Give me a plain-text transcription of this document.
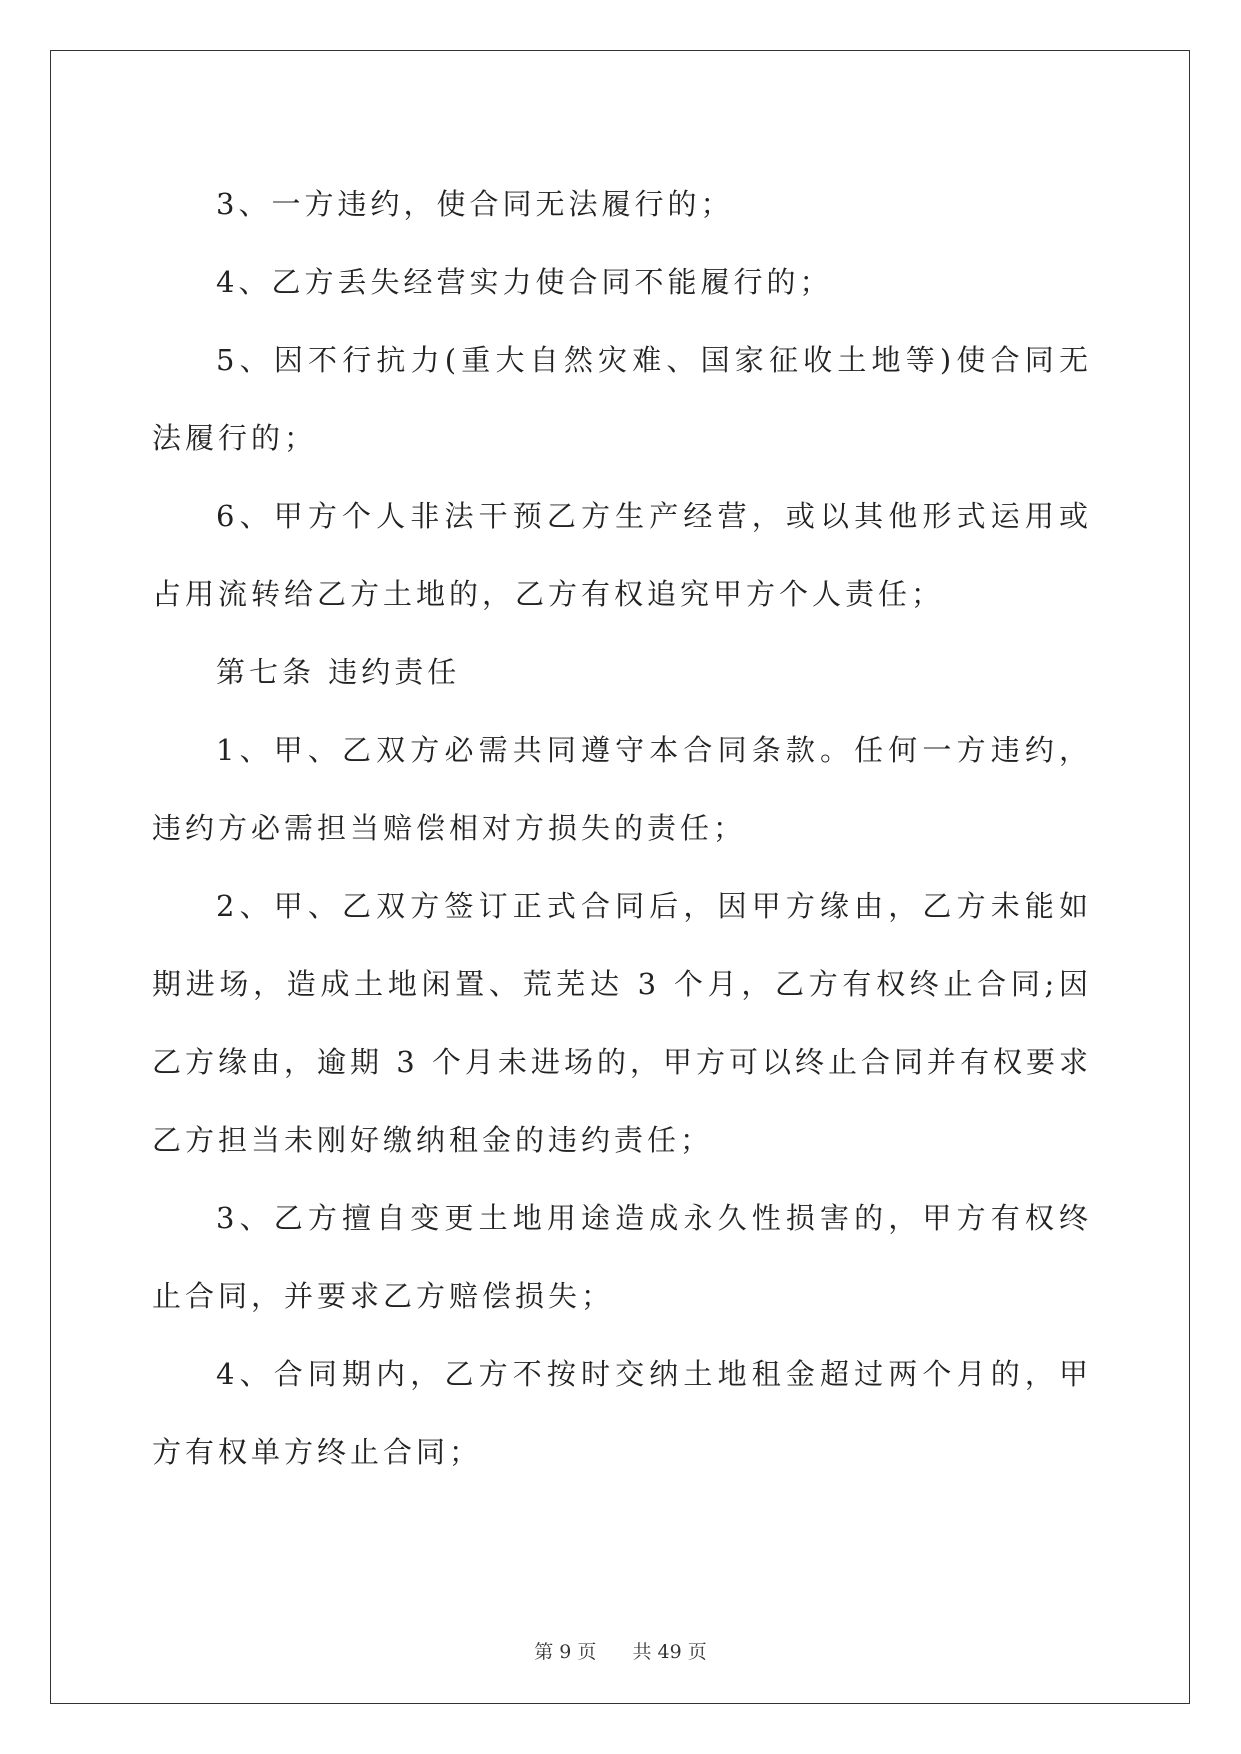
3、一方违约，使合同无法履行的；

4、乙方丢失经营实力使合同不能履行的；

5、因不行抗力(重大自然灾难、国家征收土地等)使合同无法履行的；

6、甲方个人非法干预乙方生产经营，或以其他形式运用或占用流转给乙方土地的，乙方有权追究甲方个人责任；

第七条 违约责任

1、甲、乙双方必需共同遵守本合同条款。任何一方违约，违约方必需担当赔偿相对方损失的责任；

2、甲、乙双方签订正式合同后，因甲方缘由，乙方未能如期进场，造成土地闲置、荒芜达 3 个月，乙方有权终止合同;因乙方缘由，逾期 3 个月未进场的，甲方可以终止合同并有权要求乙方担当未刚好缴纳租金的违约责任；

3、乙方擅自变更土地用途造成永久性损害的，甲方有权终止合同，并要求乙方赔偿损失；

4、合同期内，乙方不按时交纳土地租金超过两个月的，甲方有权单方终止合同；

第 9 页 共 49 页
